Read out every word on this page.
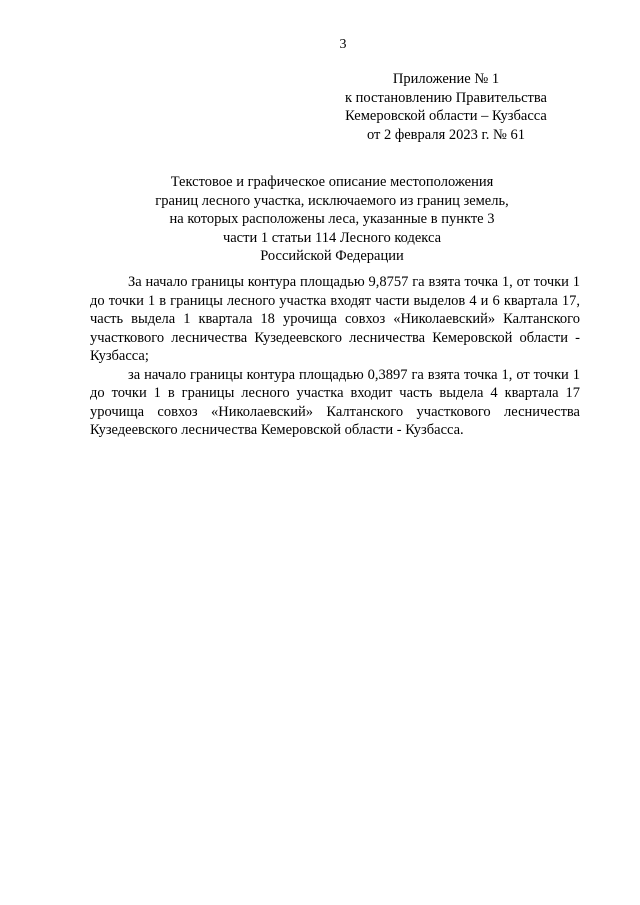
3
Приложение № 1
к постановлению Правительства
Кемеровской области – Кузбасса
от 2 февраля 2023 г. № 61
Текстовое и графическое описание местоположения
границ лесного участка, исключаемого из границ земель,
на которых расположены леса, указанные в пункте 3
части 1 статьи 114 Лесного кодекса
Российской Федерации

За начало границы контура площадью 9,8757 га взята точка 1, от точки 1 до точки 1 в границы лесного участка входят части выделов 4 и 6 квартала 17, часть выдела 1 квартала 18 урочища совхоз «Николаевский» Калтанского участкового лесничества Кузедеевского лесничества Кемеровской области - Кузбасса;

за начало границы контура площадью 0,3897 га взята точка 1, от точки 1 до точки 1 в границы лесного участка входит часть выдела 4 квартала 17 урочища совхоз «Николаевский» Калтанского участкового лесничества Кузедеевского лесничества Кемеровской области - Кузбасса.
